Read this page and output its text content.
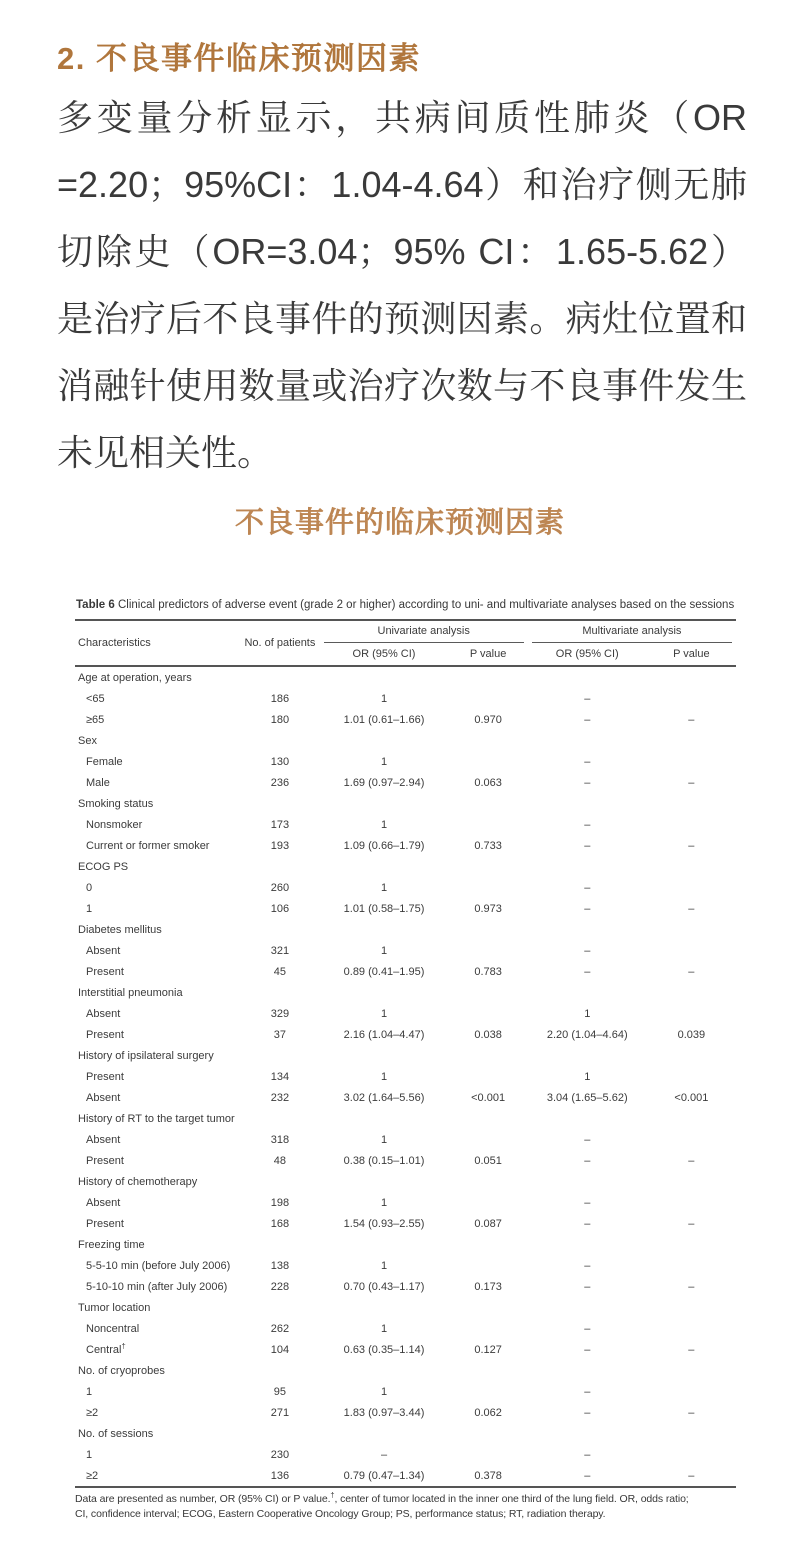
2. 不良事件临床预测因素
多变量分析显示，共病间质性肺炎（OR
=2.20；95%CI：1.04-4.64）和治疗侧无肺
切除史（OR=3.04；95% CI：1.65-5.62）
是治疗后不良事件的预测因素。病灶位置和
消融针使用数量或治疗次数与不良事件发生
未见相关性。
不良事件的临床预测因素
Table 6 Clinical predictors of adverse event (grade 2 or higher) according to uni- and multivariate analyses based on the sessions
Characteristics	No. of patients	Univariate analysis		Multivariate analysis	

		OR (95% CI)	P value	OR (95% CI)	P value
Age at operation, years					
<65	186	1		–	
≥65	180	1.01 (0.61–1.66)	0.970	–	–
Sex					
Female	130	1		–	
Male	236	1.69 (0.97–2.94)	0.063	–	–
Smoking status					
Nonsmoker	173	1		–	
Current or former smoker	193	1.09 (0.66–1.79)	0.733	–	–
ECOG PS					
0	260	1		–	
1	106	1.01 (0.58–1.75)	0.973	–	–
Diabetes mellitus					
Absent	321	1		–	
Present	45	0.89 (0.41–1.95)	0.783	–	–
Interstitial pneumonia					
Absent	329	1		1	
Present	37	2.16 (1.04–4.47)	0.038	2.20 (1.04–4.64)	0.039
History of ipsilateral surgery					
Present	134	1		1	
Absent	232	3.02 (1.64–5.56)	<0.001	3.04 (1.65–5.62)	<0.001
History of RT to the target tumor					
Absent	318	1		–	
Present	48	0.38 (0.15–1.01)	0.051	–	–
History of chemotherapy					
Absent	198	1		–	
Present	168	1.54 (0.93–2.55)	0.087	–	–
Freezing time					
5-5-10 min (before July 2006)	138	1		–	
5-10-10 min (after July 2006)	228	0.70 (0.43–1.17)	0.173	–	–
Tumor location					
Noncentral	262	1		–	
Central†	104	0.63 (0.35–1.14)	0.127	–	–
No. of cryoprobes					
1	95	1		–	
≥2	271	1.83 (0.97–3.44)	0.062	–	–
No. of sessions					
1	230	–		–	
≥2	136	0.79 (0.47–1.34)	0.378	–	–
Data are presented as number, OR (95% CI) or P value.†, center of tumor located in the inner one third of the lung field. OR, odds ratio;
CI, confidence interval; ECOG, Eastern Cooperative Oncology Group; PS, performance status; RT, radiation therapy.
